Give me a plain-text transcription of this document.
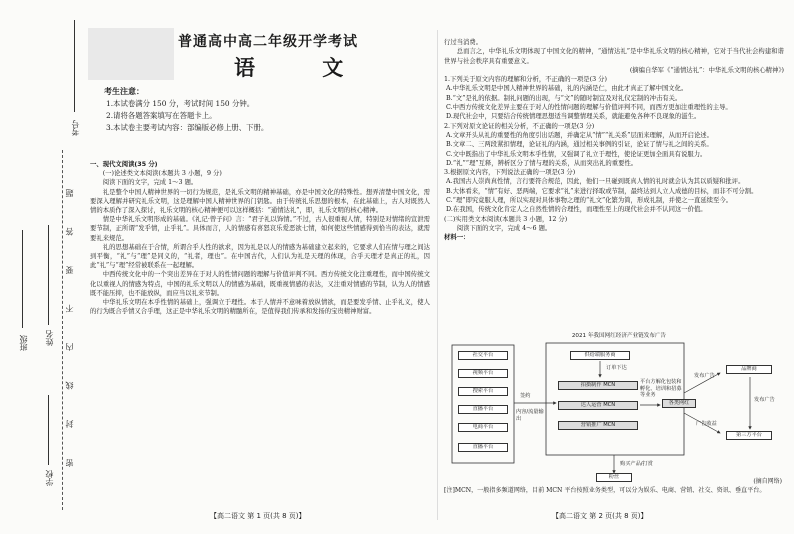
考号
姓名
班级
学校
密 封 线 内 不 要 答 题
普通高中高二年级开学考试
语 文
考生注意：

1.本试卷满分 150 分，考试时间 150 分钟。

2.请将各题答案填写在答题卡上。

3.本试卷主要考试内容：部编版必修上册、下册。

一、现代文阅读(35 分)

(一)论述类文本阅读(本题共 3 小题，9 分)

阅读下面的文字，完成 1～3 题。

礼是整个中国人精神世界的一切行为规范，是礼乐文明的精神基础，亦是中国文化的特殊性。想弄清楚中国文化，需要深入理解并研究礼乐文明，这是理解中国人精神世界的门钥匙。由于传统礼乐思想的根本，在此基础上，古人对既然人情的本质作了深入探讨，礼乐文明的核心精神便可以这样概括：“通情达礼”，即，礼乐文明的核心精神。

情是中华礼乐文明形成的基础。《礼记·曾子问》言：“君子礼以饰情。”不过，古人很重视人情，特别是对情绪的宣泄需要节制，正所谓“发乎情，止乎礼”。具体而言，人的情感有喜怒哀乐爱恶欲七情，如何使这些情感得到恰当的表达，就需要礼来规范。

礼的思想基础在于合情，所谓合乎人性的欲求，因为礼是以人的情感为基础建立起来的，它要求人们在情与理之间达到平衡，“礼”与“理”是同义的，“礼者，理也”。在中国古代，人们认为礼是天理的体现，合乎天理才是真正的礼，因此“礼”与“理”经常被联系在一起理解。

中西传统文化中的一个突出差异在于对人的性情问题的理解与价值评判不同。西方传统文化注重理性，而中国传统文化以重视人的情感为特点，中国的礼乐文明以人的情感为基础，既重视情感的表达，又注重对情感的节制，认为人的情感既不能压抑，也不能放纵，而应当以礼来节制。

中华礼乐文明在本乎性情的基础上，强调立于理性。本于人情并不意味着放纵情欲，而是要发乎情、止乎礼义，使人的行为既合乎情又合乎理，这正是中华礼乐文明的精髓所在，是值得我们传承和发扬的宝贵精神财富。

【高二语文 第 1 页(共 8 页)】

行过当消费。

总而言之，中华礼乐文明体现了中国文化的精神，“通情达礼”是中华礼乐文明的核心精神，它对于当代社会构建和谐世界与社会秩序具有重要意义。

(摘编自华军《“通情达礼”：中华礼乐文明的核心精神》)

1.下列关于原文内容的理解和分析，不正确的一项是(3 分)

A.中华礼乐文明是中国人精神世界的基础，礼的内涵是仁，由此才真正了解中国文化。

B.“文”是礼的依据。制礼问题的出现，与“文”的随时制宜及对礼仪定制的冲击有关。

C.中西方传统文化差异主要在于对人的性情问题的理解与价值评判不同，而西方更加注重理性的主导。

D.现代社会中，只要结合传统情理思想适当调整情理关系，就能避免各种不良现象的滋生。

2.下列对原文论证的相关分析，不正确的一项是(3 分)

A.文章开头从礼的重要性的角度引出话题，并确定从“情”“礼关系”层面来理解，从而开启论述。

B.文章二、三两段紧扣情理，论证礼的内涵，通过相关事例的引证，论证了情与礼之间的关系。

C.文中既指出了中华礼乐文明本乎性情，又强调了礼立于理性，使论证更加全面具有说服力。

D.“礼”“理”互释，辨析区分了情与理的关系，从而突出礼的重要性。

3.根据原文内容，下列说法正确的一项是(3 分)

A.我国古人崇尚真性情，言行要符合规范，因此，他们一旦碰到既真人情的礼时就会认为其以质疑和批评。

B.大体看来，“情”有好、恶两端，它要求“礼”来进行择取或节制，最终达到人立人成德的目标，而非不可分割。

C.“理”即究竟服人理，所以实现对具体事物之理的“礼文”化繁为简，形成礼制，并使之一直延续至今。

D.在我国，传统文化肯定人之自然性情的合理性，而理性至上的现代社会并不认同这一价值。

(二)实用类文本阅读(本题共 3 小题，12 分)

阅读下面的文字，完成 4～6 题。

材料一：

2021 年我国网红经济产业链发布广告
社交平台
视频平台
搜索平台
直播平台
电商平台
直播平台
签约
内容/流量输出
供给端服务商
订单下达
拍摄制作 MCN
达人运营 MCN
营销推广 MCN
各类网红
平台方解化包装和孵化、培训和招募等业务
品牌商
第三方平台
发布广告
广告收益
发布广告
购买产品/打赏
粉丝
(摘自网络)
[注]MCN，一般指多频道网络，目前 MCN 平台按照业务类型，可以分为娱乐、电商、营销、社交、资讯、垂直平台。
【高二语文 第 2 页(共 8 页)】
